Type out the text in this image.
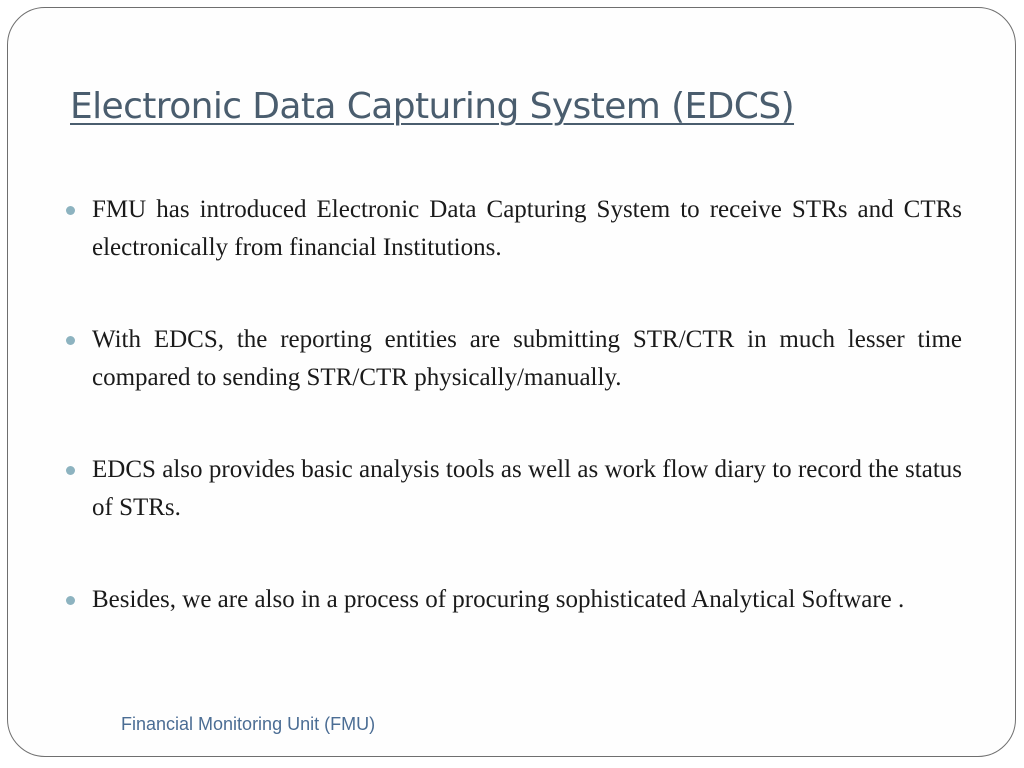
Electronic Data Capturing System (EDCS)
FMU has introduced Electronic Data Capturing System to receive STRs and CTRs electronically from financial Institutions.
With EDCS, the reporting entities are submitting STR/CTR in much lesser time compared to sending STR/CTR physically/manually.
EDCS also provides basic analysis tools as well as work flow diary to record the status of STRs.
Besides, we are also in a process of procuring sophisticated Analytical Software .
Financial Monitoring Unit (FMU)
